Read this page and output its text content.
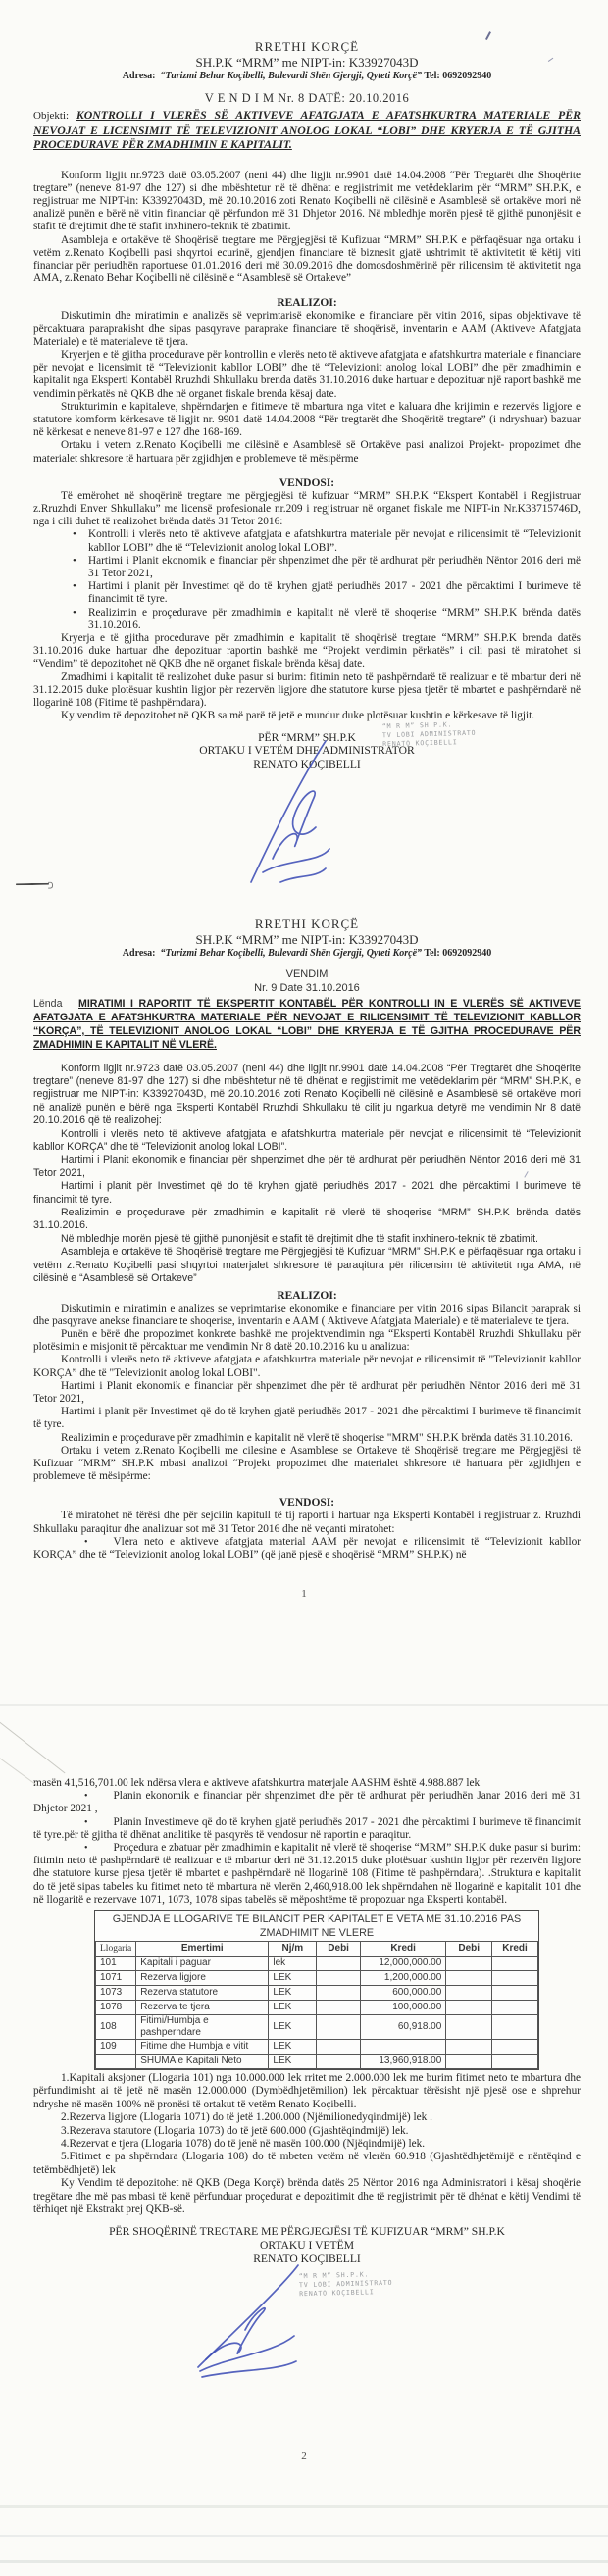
RRETHI KORÇË
SH.P.K “MRM” me NIPT-in: K33927043D
Adresa: “Turizmi Behar Koçibelli, Bulevardi Shën Gjergji, Qyteti Korçë” Tel: 0692092940
V E N D I M Nr. 8 DATË: 20.10.2016

Objekti: KONTROLLI I VLERËS SË AKTIVEVE AFATGJATA E AFATSHKURTRA MATERIALE PËR NEVOJAT E LICENSIMIT TË TELEVIZIONIT ANOLOG LOKAL “LOBI” DHE KRYERJA E TË GJITHA PROCEDURAVE PËR ZMADHIMIN E KAPITALIT.

Konform ligjit nr.9723 datë 03.05.2007 (neni 44) dhe ligjit nr.9901 datë 14.04.2008 “Për Tregtarët dhe Shoqërite tregtare” (neneve 81-97 dhe 127) si dhe mbështetur në të dhënat e regjistrimit me vetëdeklarim për “MRM” SH.P.K, e regjistruar me NIPT-in: K33927043D, më 20.10.2016 zoti Renato Koçibelli në cilësinë e Asamblesë së ortakëve mori në analizë punën e bërë në vitin financiar që përfundon më 31 Dhjetor 2016. Në mbledhje morën pjesë të gjithë punonjësit e stafit të drejtimit dhe të stafit inxhinero-teknik të zbatimit.

Asambleja e ortakëve të Shoqërisë tregtare me Përgjegjësi të Kufizuar “MRM” SH.P.K e përfaqësuar nga ortaku i vetëm z.Renato Koçibelli pasi shqyrtoi ecurinë, gjendjen financiare të biznesit gjatë ushtrimit të aktivitetit të këtij viti financiar për periudhën raportuese 01.01.2016 deri më 30.09.2016 dhe domosdoshmërinë për rilicensim të aktivitetit nga AMA, z.Renato Behar Koçibelli në cilësinë e “Asamblesë së Ortakeve”

REALIZOI:

Diskutimin dhe miratimin e analizës së veprimtarisë ekonomike e financiare për vitin 2016, sipas objektivave të përcaktuara paraprakisht dhe sipas pasqyrave paraprake financiare të shoqërisë, inventarin e AAM (Aktiveve Afatgjata Materiale) e të materialeve të tjera.

Kryerjen e të gjitha procedurave për kontrollin e vlerës neto të aktiveve afatgjata e afatshkurtra materiale e financiare për nevojat e licensimit të “Televizionit kabllor LOBI” dhe të “Televizionit anolog lokal LOBI” dhe për zmadhimin e kapitalit nga Eksperti Kontabël Rruzhdi Shkullaku brenda datës 31.10.2016 duke hartuar e depozituar një raport bashkë me vendimin përkatës në QKB dhe në organet fiskale brenda kësaj date.

Strukturimin e kapitaleve, shpërndarjen e fitimeve të mbartura nga vitet e kaluara dhe krijimin e rezervës ligjore e statutore komform kërkesave të ligjit nr. 9901 datë 14.04.2008 “Për tregtarët dhe Shoqëritë tregtare” (i ndryshuar) bazuar në kërkesat e neneve 81-97 e 127 dhe 168-169.

Ortaku i vetem z.Renato Koçibelli me cilësinë e Asamblesë së Ortakëve pasi analizoi Projekt- propozimet dhe materialet shkresore të hartuara për zgjidhjen e problemeve të mësipërme

VENDOSI:

Të emërohet në shoqërinë tregtare me përgjegjësi të kufizuar “MRM” SH.P.K “Ekspert Kontabël i Regjistruar z.Rruzhdi Enver Shkullaku” me licensë profesionale nr.209 i regjistruar në organet fiskale me NIPT-in Nr.K33715746D, nga i cili duhet të realizohet brënda datës 31 Tetor 2016:

• Kontrolli i vlerës neto të aktiveve afatgjata e afatshkurtra materiale për nevojat e rilicensimit të “Televizionit kabllor LOBI” dhe të “Televizionit anolog lokal LOBI”.
• Hartimi i Planit ekonomik e financiar për shpenzimet dhe për të ardhurat për periudhën Nëntor 2016 deri më 31 Tetor 2021,
• Hartimi i planit për Investimet që do të kryhen gjatë periudhës 2017 - 2021 dhe përcaktimi I burimeve të financimit të tyre.
• Realizimin e proçedurave për zmadhimin e kapitalit në vlerë të shoqerise “MRM” SH.P.K brënda datës 31.10.2016.

Kryerja e të gjitha procedurave për zmadhimin e kapitalit të shoqërisë tregtare “MRM” SH.P.K brenda datës 31.10.2016 duke hartuar dhe depozituar raportin bashkë me “Projekt vendimin përkatës” i cili pasi të miratohet si “Vendim” të depozitohet në QKB dhe në organet fiskale brënda kësaj date.

Zmadhimi i kapitalit të realizohet duke pasur si burim: fitimin neto të pashpërndarë të realizuar e të mbartur deri në 31.12.2015 duke plotësuar kushtin ligjor për rezervën ligjore dhe statutore kurse pjesa tjetër të mbartet e pashpërndarë në llogarinë 108 (Fitime të pashpërndara).

Ky vendim të depozitohet në QKB sa më parë të jetë e mundur duke plotësuar kushtin e kërkesave të ligjit.

PËR “MRM” SH.P.K
ORTAKU I VETËM DHE ADMINISTRATOR
RENATO KOÇIBELLI
“M R M” SH.P.K.
TV LOBI ADMINISTRATO
RENATO KOÇIBELLI
RRETHI KORÇË
SH.P.K “MRM” me NIPT-in: K33927043D
Adresa: “Turizmi Behar Koçibelli, Bulevardi Shën Gjergji, Qyteti Korçë” Tel: 0692092940
VENDIM
Nr. 9 Date 31.10.2016

Lënda MIRATIMI I RAPORTIT TË EKSPERTIT KONTABËL PËR KONTROLLI IN E VLERËS SË AKTIVEVE AFATGJATA E AFATSHKURTRA MATERIALE PËR NEVOJAT E RILICENSIMIT TË TELEVIZIONIT KABLLOR “KORÇA”, TË TELEVIZIONIT ANOLOG LOKAL “LOBI” DHE KRYERJA E TË GJITHA PROCEDURAVE PËR ZMADHIMIN E KAPITALIT NË VLERË.

Konform ligjit nr.9723 datë 03.05.2007 (neni 44) dhe ligjit nr.9901 datë 14.04.2008 “Për Tregtarët dhe Shoqërite tregtare” (neneve 81-97 dhe 127) si dhe mbështetur në të dhënat e regjistrimit me vetëdeklarim për “MRM” SH.P.K, e regjistruar me NIPT-in: K33927043D, më 20.10.2016 zoti Renato Koçibelli në cilësinë e Asamblesë së ortakëve mori në analizë punën e bërë nga Eksperti Kontabël Rruzhdi Shkullaku të cilit ju ngarkua detyrë me vendimin Nr 8 datë 20.10.2016 që të realizohej:

Kontrolli i vlerës neto të aktiveve afatgjata e afatshkurtra materiale për nevojat e rilicensimit të “Televizionit kabllor KORÇA” dhe të “Televizionit anolog lokal LOBI”.

Hartimi i Planit ekonomik e financiar për shpenzimet dhe për të ardhurat për periudhën Nëntor 2016 deri më 31 Tetor 2021,

Hartimi i planit për Investimet që do të kryhen gjatë periudhës 2017 - 2021 dhe përcaktimi I burimeve të financimit të tyre.

Realizimin e proçedurave për zmadhimin e kapitalit në vlerë të shoqerise “MRM” SH.P.K brënda datës 31.10.2016.

Në mbledhje morën pjesë të gjithë punonjësit e stafit të drejtimit dhe të stafit inxhinero-teknik të zbatimit.

Asambleja e ortakëve të Shoqërisë tregtare me Përgjegjësi të Kufizuar “MRM” SH.P.K e përfaqësuar nga ortaku i vetëm z.Renato Koçibelli pasi shqyrtoi materjalet shkresore të paraqitura për rilicensim të aktivitetit nga AMA, në cilësinë e “Asamblesë së Ortakeve”

REALIZOI:

Diskutimin e miratimin e analizes se veprimtarise ekonomike e financiare per vitin 2016 sipas Bilancit paraprak si dhe pasqyrave anekse financiare te shoqerise, inventarin e AAM ( Aktiveve Afatgjata Materiale) e të materialeve te tjera.

Punën e bërë dhe propozimet konkrete bashkë me projektvendimin nga “Eksperti Kontabël Rruzhdi Shkullaku për plotësimin e misjonit të përcaktuar me vendimin Nr 8 datë 20.10.2016 ku u analizua:

Kontrolli i vlerës neto të aktiveve afatgjata e afatshkurtra materiale për nevojat e rilicensimit të "Televizionit kabllor KORÇA” dhe të "Televizionit anolog lokal LOBI".

Hartimi i Planit ekonomik e financiar për shpenzimet dhe për të ardhurat për periudhën Nëntor 2016 deri më 31 Tetor 2021,

Hartimi i planit për Investimet që do të kryhen gjatë periudhës 2017 - 2021 dhe përcaktimi I burimeve të financimit të tyre.

Realizimin e proçedurave për zmadhimin e kapitalit në vlerë të shoqerise "MRM" SH.P.K brënda datës 31.10.2016.

Ortaku i vetem z.Renato Koçibelli me cilesine e Asamblese se Ortakeve të Shoqërisë tregtare me Përgjegjësi të Kufizuar “MRM” SH.P.K mbasi analizoi “Projekt propozimet dhe materialet shkresore të hartuara për zgjidhjen e problemeve të mësipërme:

VENDOSI:

Të miratohet në tërësi dhe për sejcilin kapitull të tij raporti i hartuar nga Eksperti Kontabël i regjistruar z. Rruzhdi Shkullaku paraqitur dhe analizuar sot më 31 Tetor 2016 dhe në veçanti miratohet:

• Vlera neto e aktiveve afatgjata material AAM për nevojat e rilicensimit të “Televizionit kabllor KORÇA” dhe të “Televizionit anolog lokal LOBI” (që janë pjesë e shoqërisë “MRM” SH.P.K) në

1

masën 41,516,701.00 lek ndërsa vlera e aktiveve afatshkurtra materjale AASHM është 4.988.887 lek

• Planin ekonomik e financiar për shpenzimet dhe për të ardhurat për periudhën Janar 2016 deri më 31 Dhjetor 2021 ,

• Planin Investimeve që do të kryhen gjatë periudhës 2017 - 2021 dhe përcaktimi I burimeve të financimit të tyre.për të gjitha të dhënat analitike të pasqyrës të vendosur në raportin e paraqitur.

• Proçedura e zbatuar për zmadhimin e kapitalit në vlerë të shoqerise “MRM” SH.P.K duke pasur si burim: fitimin neto të pashpërndarë të realizuar e të mbartur deri në 31.12.2015 duke plotësuar kushtin ligjor për rezervën ligjore dhe statutore kurse pjesa tjetër të mbartet e pashpërndarë në llogarinë 108 (Fitime të pashpërndara). .Struktura e kapitalit do të jetë sipas tabeles ku fitimet neto të mbartura në vlerën 2,460,918.00 lek shpërndahen në llogarinë e kapitalit 101 dhe në llogaritë e rezervave 1071, 1073, 1078 sipas tabelës së mëposhtëme të propozuar nga Eksperti kontabël.

GJENDJA E LLOGARIVE TE BILANCIT PER KAPITALET E VETA ME 31.10.2016 PAS
ZMADHIMIT NE VLERE
Llogaria	Emertimi	Nj/m	Debi	Kredi	Debi	Kredi
101	Kapitali i paguar	lek		12,000,000.00		
1071	Rezerva ligjore	LEK		1,200,000.00		
1073	Rezerva statutore	LEK		600,000.00		
1078	Rezerva te tjera	LEK		100,000.00		
108	Fitimi/Humbja e pashperndare	LEK		60,918.00		
109	Fitime dhe Humbja e vitit	LEK				
	SHUMA e Kapitali Neto	LEK		13,960,918.00		

1.Kapitali aksjoner (Llogaria 101) nga 10.000.000 lek rritet me 2.000.000 lek me burim fitimet neto te mbartura dhe përfundimisht ai të jetë në masën 12.000.000 (Dymbëdhjetëmilion) lek përcaktuar tërësisht një pjesë ose e shprehur ndryshe në masën 100% në pronësi të ortakut të vetëm Renato Koçibelli.

2.Rezerva ligjore (Llogaria 1071) do të jetë 1.200.000 (Njëmilionedyqindmijë) lek .

3.Rezerava statutore (Llogaria 1073) do të jetë 600.000 (Gjashtëqindmijë) lek.

4.Rezervat e tjera (Llogaria 1078) do të jenë në masën 100.000 (Njëqindmijë) lek.

5.Fitimet e pa shpërndara (Llogaria 108) do të mbeten vetëm në vlerën 60.918 (Gjashtëdhjetëmijë e nëntëqind e tetëmbëdhjetë) lek

Ky Vendim të depozitohet në QKB (Dega Korçë) brënda datës 25 Nëntor 2016 nga Administratori i kësaj shoqërie tregëtare dhe më pas mbasi të kenë përfunduar proçedurat e depozitimit dhe të regjistrimit për të dhënat e këtij Vendimi të tërhiqet një Ekstrakt prej QKB-së.

PËR SHOQËRINË TREGTARE ME PËRGJEGJËSI TË KUFIZUAR “MRM” SH.P.K
ORTAKU I VETËM
RENATO KOÇIBELLI
“M R M” SH.P.K.
TV LOBI ADMINISTRATO
RENATO KOÇIBELLI
2
